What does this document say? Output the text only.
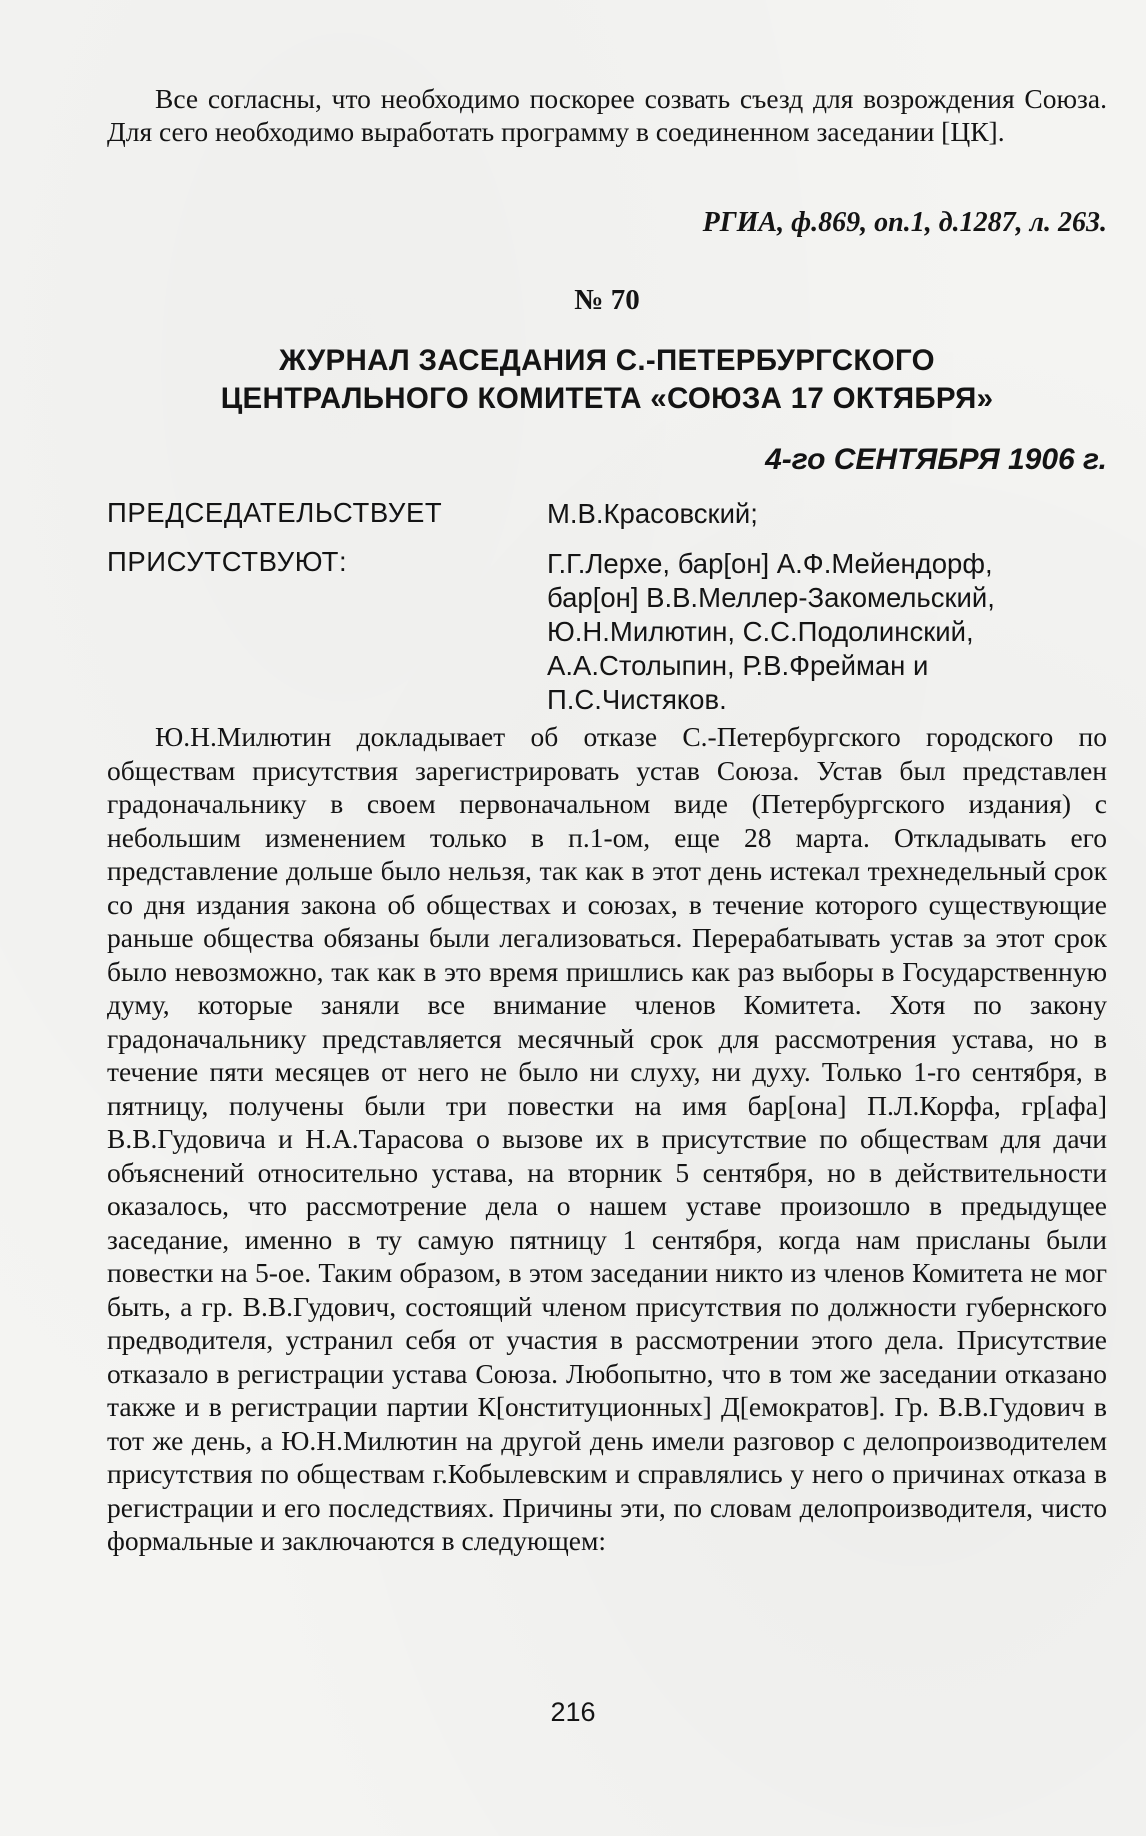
Все согласны, что необходимо поскорее созвать съезд для возрождения Союза. Для сего необходимо выработать программу в соединенном заседании [ЦК].

РГИА, ф.869, оп.1, д.1287, л. 263.
№ 70
ЖУРНАЛ ЗАСЕДАНИЯ С.-ПЕТЕРБУРГСКОГО
ЦЕНТРАЛЬНОГО КОМИТЕТА «СОЮЗА 17 ОКТЯБРЯ»
4-го СЕНТЯБРЯ 1906 г.
ПРЕДСЕДАТЕЛЬСТВУЕТ	М.В.Красовский;
ПРИСУТСТВУЮТ:	Г.Г.Лерхе, бар[он] А.Ф.Мейендорф,
бар[он] В.В.Меллер-Закомельский,
Ю.Н.Милютин, С.С.Подолинский,
А.А.Столыпин, Р.В.Фрейман и
П.С.Чистяков.

Ю.Н.Милютин докладывает об отказе С.-Петербургского городского по обществам присутствия зарегистрировать устав Союза. Устав был представлен градоначальнику в своем первоначальном виде (Петербургского издания) с небольшим изменением только в п.1-ом, еще 28 марта. Откладывать его представление дольше было нельзя, так как в этот день истекал трехнедельный срок со дня издания закона об обществах и союзах, в течение которого существующие раньше общества обязаны были легализоваться. Перерабатывать устав за этот срок было невозможно, так как в это время пришлись как раз выборы в Государственную думу, которые заняли все внимание членов Комитета. Хотя по закону градоначальнику представляется месячный срок для рассмотрения устава, но в течение пяти месяцев от него не было ни слуху, ни духу. Только 1-го сентября, в пятницу, получены были три повестки на имя бар[она] П.Л.Корфа, гр[афа] В.В.Гудовича и Н.А.Тарасова о вызове их в присутствие по обществам для дачи объяснений относительно устава, на вторник 5 сентября, но в действительности оказалось, что рассмотрение дела о нашем уставе произошло в предыдущее заседание, именно в ту самую пятницу 1 сентября, когда нам присланы были повестки на 5-ое. Таким образом, в этом заседании никто из членов Комитета не мог быть, а гр. В.В.Гудович, состоящий членом присутствия по должности губернского предводителя, устранил себя от участия в рассмотрении этого дела. Присутствие отказало в регистрации устава Союза. Любопытно, что в том же заседании отказано также и в регистрации партии К[онституционных] Д[емократов]. Гр. В.В.Гудович в тот же день, а Ю.Н.Милютин на другой день имели разговор с делопроизводителем присутствия по обществам г.Кобылевским и справлялись у него о причинах отказа в регистрации и его последствиях. Причины эти, по словам делопроизводителя, чисто формальные и заключаются в следующем:

216
